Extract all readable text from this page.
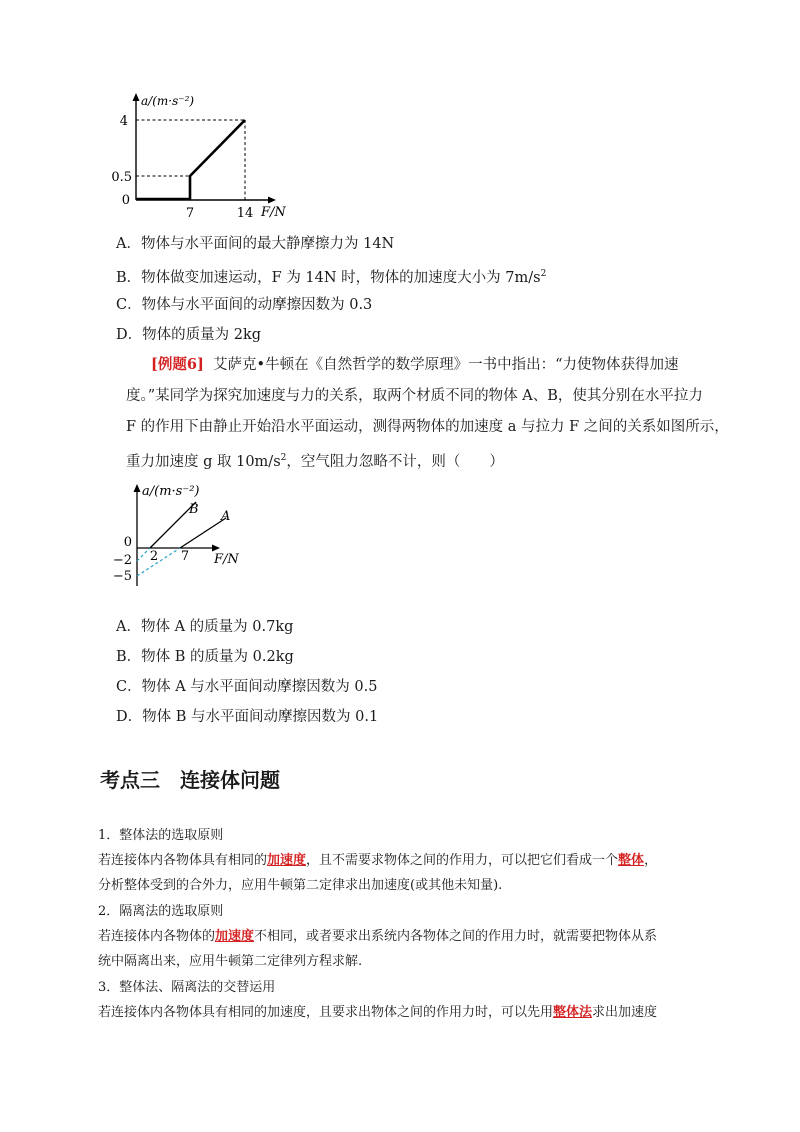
a/(m·s⁻²)
4
0.5
0
7	14 F/N
A．物体与水平面间的最大静摩擦力为 14N
B．物体做变加速运动，F 为 14N 时，物体的加速度大小为 $7m/s^2$
C．物体与水平面间的动摩擦因数为 0.3
D．物体的质量为 2kg
[例题6] 艾萨克•牛顿在《自然哲学的数学原理》一书中指出：“力使物体获得加速
度。”某同学为探究加速度与力的关系，取两个材质不同的物体 A、B，使其分别在水平拉力
F 的作用下由静止开始沿水平面运动，测得两物体的加速度 a 与拉力 F 之间的关系如图所示，
重力加速度 g 取 $10m/s^2$，空气阻力忽略不计，则（　　）
a/(m·s⁻²)
B A
0
−2
−5
2 7 F/N
A．物体 A 的质量为 0.7kg
B．物体 B 的质量为 0.2kg
C．物体 A 与水平面间动摩擦因数为 0.5
D．物体 B 与水平面间动摩擦因数为 0.1
考点三　连接体问题
1．整体法的选取原则
若连接体内各物体具有相同的加速度，且不需要求物体之间的作用力，可以把它们看成一个整体，
分析整体受到的合外力，应用牛顿第二定律求出加速度(或其他未知量).
2．隔离法的选取原则
若连接体内各物体的加速度不相同，或者要求出系统内各物体之间的作用力时，就需要把物体从系
统中隔离出来，应用牛顿第二定律列方程求解.
3．整体法、隔离法的交替运用
若连接体内各物体具有相同的加速度，且要求出物体之间的作用力时，可以先用整体法求出加速度
